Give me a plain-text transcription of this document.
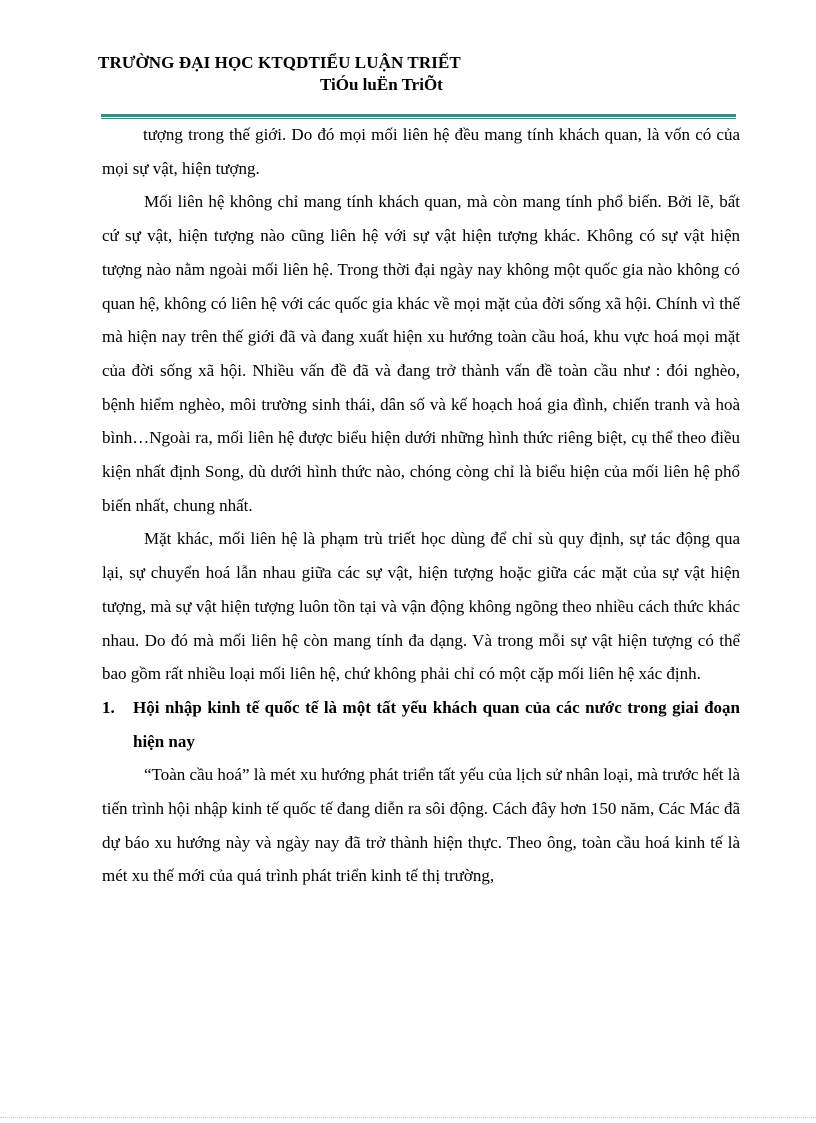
TRƯỜNG ĐẠI HỌC KTQDTIỂU LUẬN TRIẾT
TiÓu luËn TriÕt

tượng trong thế giới. Do đó mọi mối liên hệ đều mang tính khách quan, là vốn có của mọi sự vật, hiện tượng.

Mối liên hệ không chỉ mang tính khách quan, mà còn mang tính phổ biến. Bởi lẽ, bất cứ sự vật, hiện tượng nào cũng liên hệ với sự vật hiện tượng khác. Không có sự vật hiện tượng nào nằm ngoài mối liên hệ. Trong thời đại ngày nay không một quốc gia nào không có quan hệ, không có liên hệ với các quốc gia khác về mọi mặt của đời sống xã hội. Chính vì thế mà hiện nay trên thế giới đã và đang xuất hiện xu hướng toàn cầu hoá, khu vực hoá mọi mặt của đời sống xã hội. Nhiều vấn đề đã và đang trở thành vấn đề toàn cầu như : đói nghèo, bệnh hiểm nghèo, môi trường sinh thái, dân số và kế hoạch hoá gia đình, chiến tranh và hoà bình…Ngoài ra, mối liên hệ được biểu hiện dưới những hình thức riêng biệt, cụ thể theo điều kiện nhất định Song, dù dưới hình thức nào, chóng còng chỉ là biểu hiện của mối liên hệ phổ biến nhất, chung nhất.

Mặt khác, mối liên hệ là phạm trù triết học dùng để chỉ sù quy định, sự tác động qua lại, sự chuyển hoá lẫn nhau giữa các sự vật, hiện tượng hoặc giữa các mặt của sự vật hiện tượng, mà sự vật hiện tượng luôn tồn tại và vận động không ngõng theo nhiều cách thức khác nhau. Do đó mà mối liên hệ còn mang tính đa dạng. Và trong mỗi sự vật hiện tượng có thể bao gồm rất nhiều loại mối liên hệ, chứ không phải chỉ có một cặp mối liên hệ xác định.

1.	Hội nhập kinh tế quốc tế là một tất yếu khách quan của các nước trong giai đoạn hiện nay

“Toàn cầu hoá” là mét xu hướng phát triển tất yếu của lịch sử nhân loại, mà trước hết là tiến trình hội nhập kinh tế quốc tế đang diễn ra sôi động. Cách đây hơn 150 năm, Các Mác đã dự báo xu hướng này và ngày nay đã trở thành hiện thực. Theo ông, toàn cầu hoá kinh tế là mét xu thế mới của quá trình phát triển kinh tế thị trường,
